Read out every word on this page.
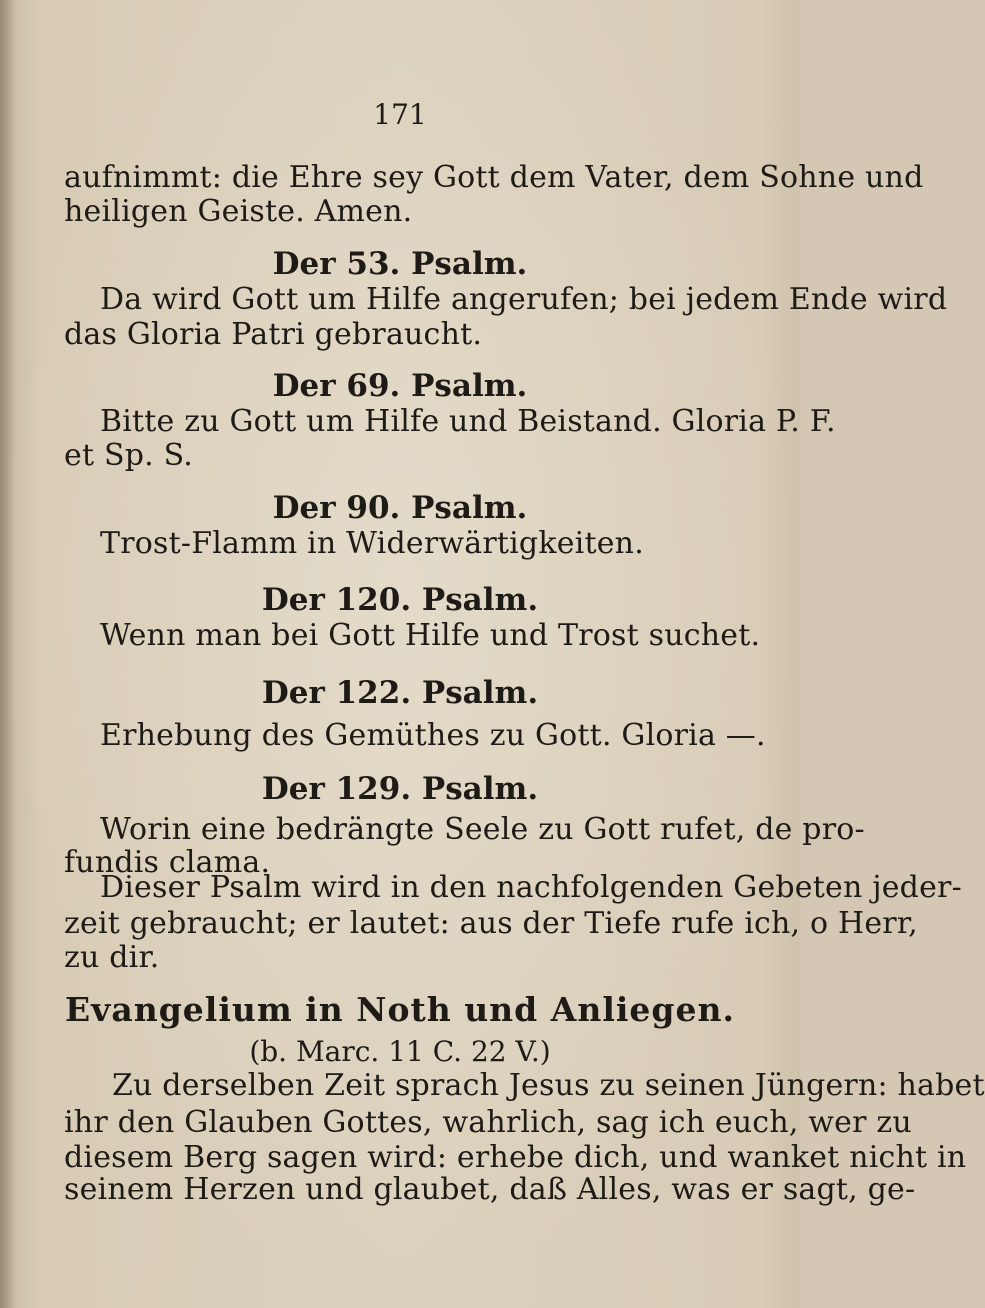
171
aufnimmt: die Ehre sey Gott dem Vater, dem Sohne und
heiligen Geiste. Amen.
Der 53. Psalm.
Da wird Gott um Hilfe angerufen; bei jedem Ende wird
das Gloria Patri gebraucht.
Der 69. Psalm.
Bitte zu Gott um Hilfe und Beistand. Gloria P. F.
et Sp. S.
Der 90. Psalm.
Trost-Flamm in Widerwärtigkeiten.
Der 120. Psalm.
Wenn man bei Gott Hilfe und Trost suchet.
Der 122. Psalm.
Erhebung des Gemüthes zu Gott. Gloria —.
Der 129. Psalm.
Worin eine bedrängte Seele zu Gott rufet, de pro-
fundis clama.
Dieser Psalm wird in den nachfolgenden Gebeten jeder-
zeit gebraucht; er lautet: aus der Tiefe rufe ich, o Herr,
zu dir.
Evangelium in Noth und Anliegen.
(b. Marc. 11 C. 22 V.)
Zu derselben Zeit sprach Jesus zu seinen Jüngern: habet
ihr den Glauben Gottes, wahrlich, sag ich euch, wer zu
diesem Berg sagen wird: erhebe dich, und wanket nicht in
seinem Herzen und glaubet, daß Alles, was er sagt, ge-
